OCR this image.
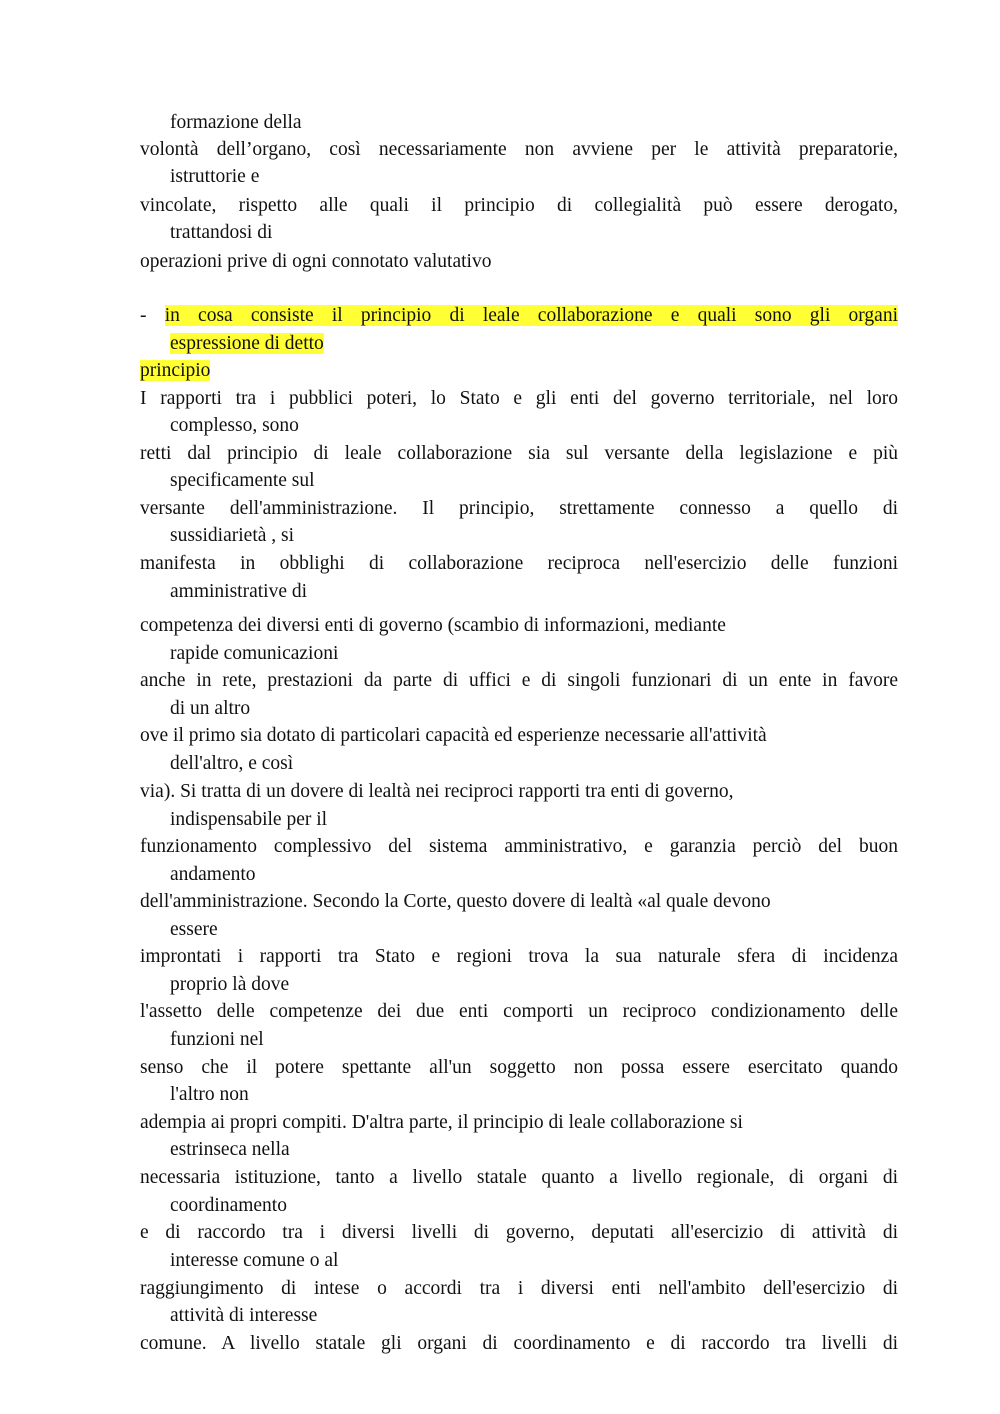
formazione della
volontà dell’organo, così necessariamente non avviene per le attività preparatorie,
istruttorie e
vincolate, rispetto alle quali il principio di collegialità può essere derogato,
trattandosi di
operazioni prive di ogni connotato valutativo
- in cosa consiste il principio di leale collaborazione e quali sono gli organi
espressione di detto
principio
I rapporti tra i pubblici poteri, lo Stato e gli enti del governo territoriale, nel loro
complesso, sono
retti dal principio di leale collaborazione sia sul versante della legislazione e più
specificamente sul
versante dell'amministrazione. Il principio, strettamente connesso a quello di
sussidiarietà , si
manifesta in obblighi di collaborazione reciproca nell'esercizio delle funzioni
amministrative di
competenza dei diversi enti di governo (scambio di informazioni, mediante
rapide comunicazioni
anche in rete, prestazioni da parte di uffici e di singoli funzionari di un ente in favore
di un altro
ove il primo sia dotato di particolari capacità ed esperienze necessarie all'attività
dell'altro, e così
via). Si tratta di un dovere di lealtà nei reciproci rapporti tra enti di governo,
indispensabile per il
funzionamento complessivo del sistema amministrativo, e garanzia perciò del buon
andamento
dell'amministrazione. Secondo la Corte, questo dovere di lealtà «al quale devono
essere
improntati i rapporti tra Stato e regioni trova la sua naturale sfera di incidenza
proprio là dove
l'assetto delle competenze dei due enti comporti un reciproco condizionamento delle
funzioni nel
senso che il potere spettante all'un soggetto non possa essere esercitato quando
l'altro non
adempia ai propri compiti. D'altra parte, il principio di leale collaborazione si
estrinseca nella
necessaria istituzione, tanto a livello statale quanto a livello regionale, di organi di
coordinamento
e di raccordo tra i diversi livelli di governo, deputati all'esercizio di attività di
interesse comune o al
raggiungimento di intese o accordi tra i diversi enti nell'ambito dell'esercizio di
attività di interesse
comune. A livello statale gli organi di coordinamento e di raccordo tra livelli di
